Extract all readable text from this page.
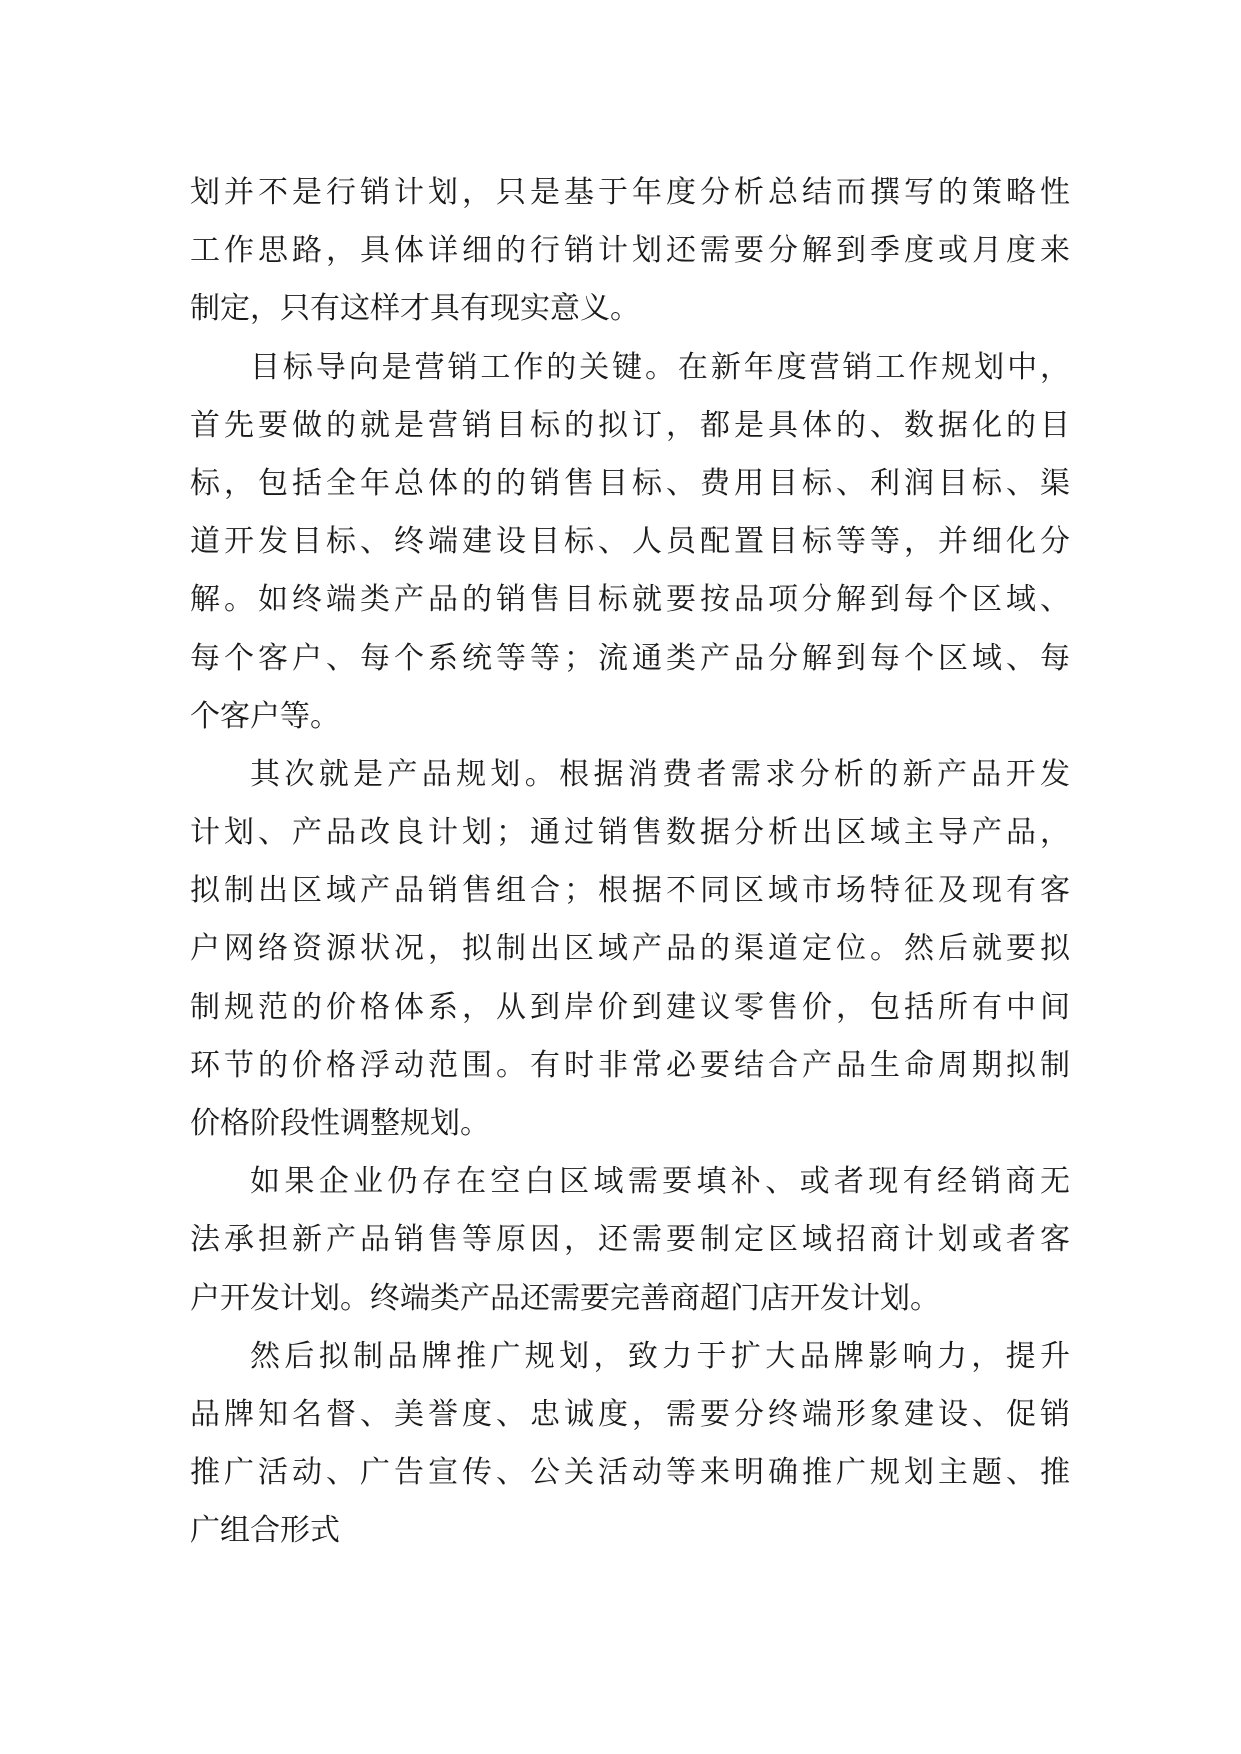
划并不是行销计划，只是基于年度分析总结而撰写的策略性
工作思路，具体详细的行销计划还需要分解到季度或月度来
制定，只有这样才具有现实意义。
目标导向是营销工作的关键。在新年度营销工作规划中，
首先要做的就是营销目标的拟订，都是具体的、数据化的目
标，包括全年总体的的销售目标、费用目标、利润目标、渠
道开发目标、终端建设目标、人员配置目标等等，并细化分
解。如终端类产品的销售目标就要按品项分解到每个区域、
每个客户、每个系统等等；流通类产品分解到每个区域、每
个客户等。
其次就是产品规划。根据消费者需求分析的新产品开发
计划、产品改良计划；通过销售数据分析出区域主导产品，
拟制出区域产品销售组合；根据不同区域市场特征及现有客
户网络资源状况，拟制出区域产品的渠道定位。然后就要拟
制规范的价格体系，从到岸价到建议零售价，包括所有中间
环节的价格浮动范围。有时非常必要结合产品生命周期拟制
价格阶段性调整规划。
如果企业仍存在空白区域需要填补、或者现有经销商无
法承担新产品销售等原因，还需要制定区域招商计划或者客
户开发计划。终端类产品还需要完善商超门店开发计划。
然后拟制品牌推广规划，致力于扩大品牌影响力，提升
品牌知名督、美誉度、忠诚度，需要分终端形象建设、促销
推广活动、广告宣传、公关活动等来明确推广规划主题、推
广组合形式
